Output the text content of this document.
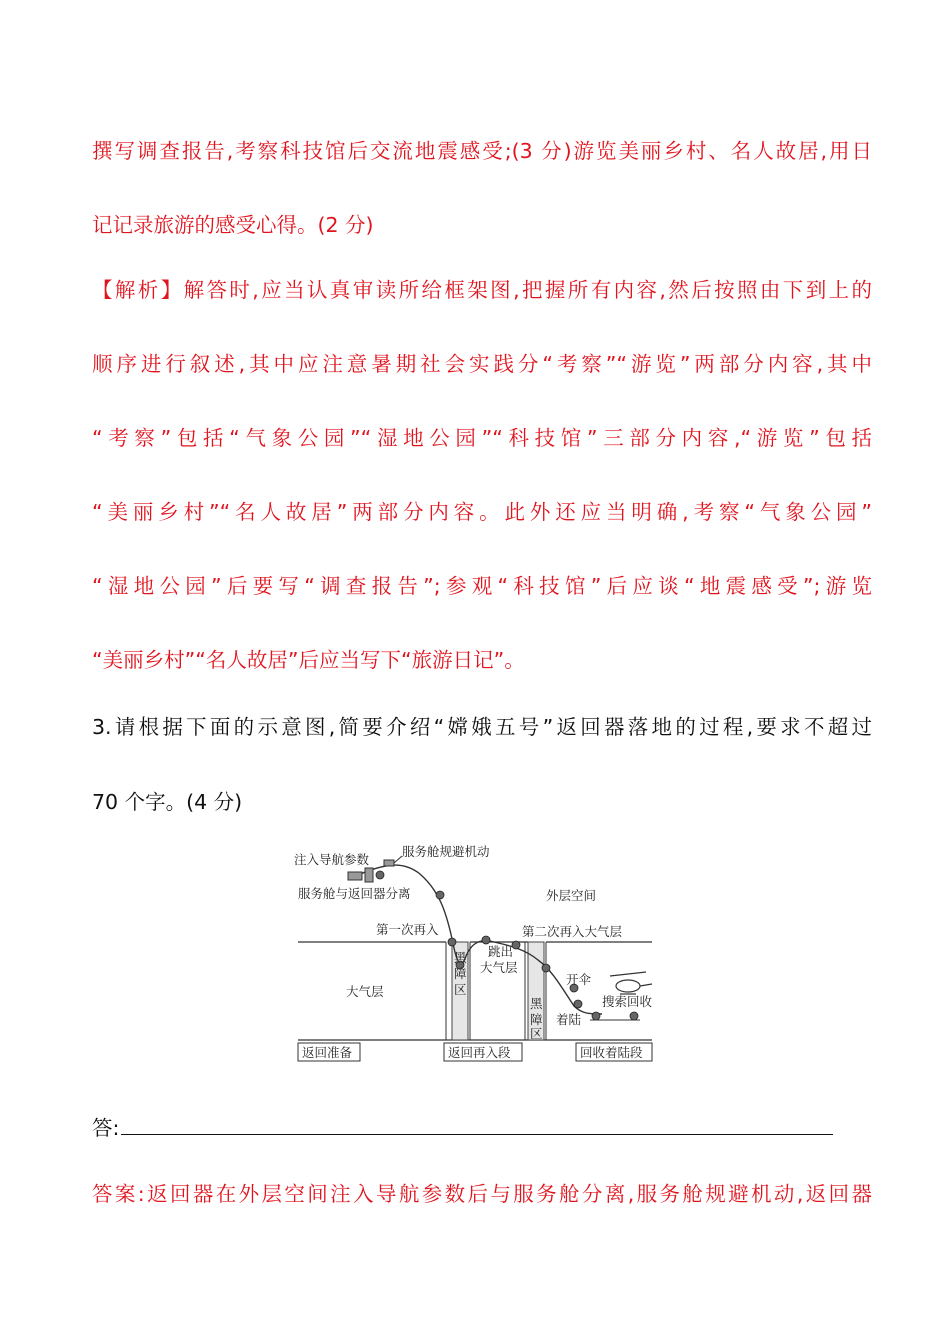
撰写调查报告,考察科技馆后交流地震感受;(3 分)游览美丽乡村、名人故居,用日
记记录旅游的感受心得。(2 分)
【解析】解答时,应当认真审读所给框架图,把握所有内容,然后按照由下到上的
顺序进行叙述,其中应注意暑期社会实践分“考察”“游览”两部分内容,其中
“考察”包括“气象公园”“湿地公园”“科技馆”三部分内容,“游览”包括
“美丽乡村”“名人故居”两部分内容。此外还应当明确,考察“气象公园”
“湿地公园”后要写“调查报告”;参观“科技馆”后应谈“地震感受”;游览
“美丽乡村”“名人故居”后应当写下“旅游日记”。
3.请根据下面的示意图,简要介绍“嫦娥五号”返回器落地的过程,要求不超过
70 个字。(4 分)
注入导航参数
服务舱规避机动
服务舱与返回器分离	外层空间
第一次再入	第二次再入大气层
跳出
大气层
大气层
开伞
搜索回收
着陆
黑
障
区
黑
障
区
返回准备	返回再入段	回收着陆段
答:
答案:返回器在外层空间注入导航参数后与服务舱分离,服务舱规避机动,返回器
